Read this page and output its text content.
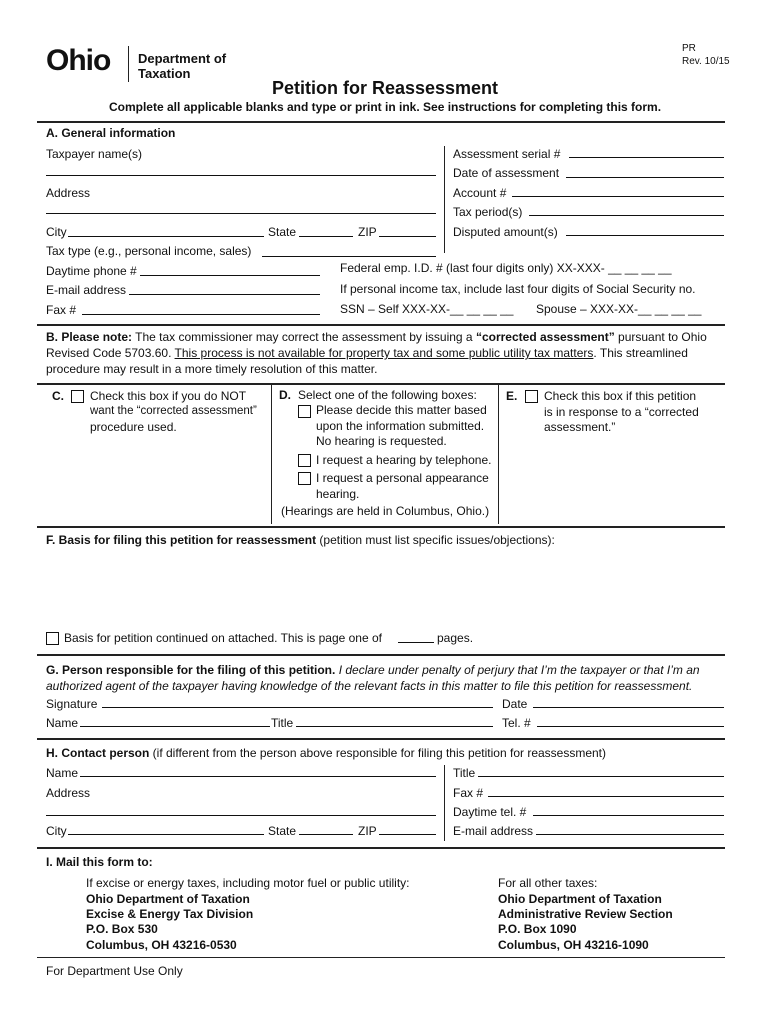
Ohio Department of
Taxation
PR
Rev. 10/15
Petition for Reassessment
Complete all applicable blanks and type or print in ink. See instructions for completing this form.
A. General information
Taxpayer name(s)
Address
City	State	ZIP
Tax type (e.g., personal income, sales)
Daytime phone #
E-mail address
Fax #
Assessment serial #
Date of assessment
Account #
Tax period(s)
Disputed amount(s)
Federal emp. I.D. # (last four digits only) XX-XXX- __ __ __ __
If personal income tax, include last four digits of Social Security no.
SSN – Self XXX-XX-__ __ __ __ Spouse – XXX-XX-__ __ __ __
B. Please note: The tax commissioner may correct the assessment by issuing a “corrected assessment” pursuant to Ohio Revised Code 5703.60. This process is not available for property tax and some public utility tax matters. This streamlined procedure may result in a more timely resolution of this matter.
C. Check this box if you do NOT
want the “corrected assessment”
procedure used.
D. Select one of the following boxes:
Please decide this matter based
upon the information submitted.
No hearing is requested.
I request a hearing by telephone.
I request a personal appearance
hearing.
(Hearings are held in Columbus, Ohio.)
E. Check this box if this petition
is in response to a “corrected
assessment.”
F. Basis for filing this petition for reassessment (petition must list specific issues/objections):
Basis for petition continued on attached. This is page one of	pages.
G. Person responsible for the filing of this petition. I declare under penalty of perjury that I’m the taxpayer or that I’m an authorized agent of the taxpayer having knowledge of the relevant facts in this matter to file this petition for reassessment.
Signature	Date
Name	Title	Tel. #
H. Contact person (if different from the person above responsible for filing this petition for reassessment)
Name
Address
City	State	ZIP
Title
Fax #
Daytime tel. #
E-mail address
I. Mail this form to:
If excise or energy taxes, including motor fuel or public utility:
Ohio Department of Taxation
Excise & Energy Tax Division
P.O. Box 530
Columbus, OH 43216-0530
For all other taxes:
Ohio Department of Taxation
Administrative Review Section
P.O. Box 1090
Columbus, OH 43216-1090
For Department Use Only
